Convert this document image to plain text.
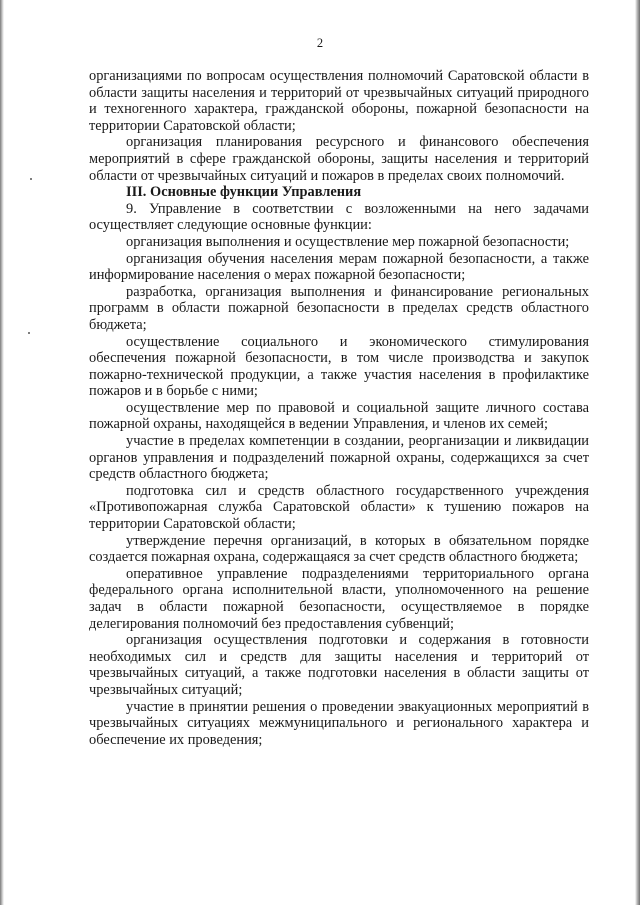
2

организациями по вопросам осуществления полномочий Саратовской области в области защиты населения и территорий от чрезвычайных ситуаций природного и техногенного характера, гражданской обороны, пожарной безопасности на территории Саратовской области;

организация планирования ресурсного и финансового обеспечения мероприятий в сфере гражданской обороны, защиты населения и территорий области от чрезвычайных ситуаций и пожаров в пределах своих полномочий.

III. Основные функции Управления

9. Управление в соответствии с возложенными на него задачами осуществляет следующие основные функции:

организация выполнения и осуществление мер пожарной безопасности;

организация обучения населения мерам пожарной безопасности, а также информирование населения о мерах пожарной безопасности;

разработка, организация выполнения и финансирование региональных программ в области пожарной безопасности в пределах средств областного бюджета;

осуществление социального и экономического стимулирования обеспечения пожарной безопасности, в том числе производства и закупок пожарно-технической продукции, а также участия населения в профилактике пожаров и в борьбе с ними;

осуществление мер по правовой и социальной защите личного состава пожарной охраны, находящейся в ведении Управления, и членов их семей;

участие в пределах компетенции в создании, реорганизации и ликвидации органов управления и подразделений пожарной охраны, содержащихся за счет средств областного бюджета;

подготовка сил и средств областного государственного учреждения «Противопожарная служба Саратовской области» к тушению пожаров на территории Саратовской области;

утверждение перечня организаций, в которых в обязательном порядке создается пожарная охрана, содержащаяся за счет средств областного бюджета;

оперативное управление подразделениями территориального органа федерального органа исполнительной власти, уполномоченного на решение задач в области пожарной безопасности, осуществляемое в порядке делегирования полномочий без предоставления субвенций;

организация осуществления подготовки и содержания в готовности необходимых сил и средств для защиты населения и территорий от чрезвычайных ситуаций, а также подготовки населения в области защиты от чрезвычайных ситуаций;

участие в принятии решения о проведении эвакуационных мероприятий в чрезвычайных ситуациях межмуниципального и регионального характера и обеспечение их проведения;
